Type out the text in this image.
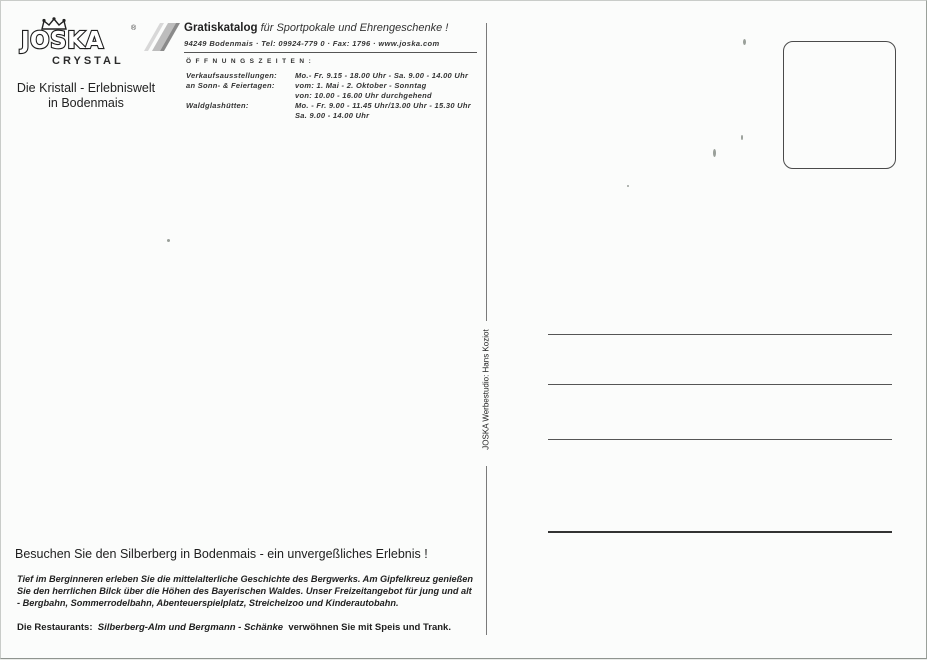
JOSKA	®
CRYSTAL
Die Kristall - Erlebniswelt
in Bodenmais
Gratiskatalog für Sportpokale und Ehrengeschenke !
94249 Bodenmais · Tel: 09924-779 0 · Fax: 1796 · www.joska.com
ÖFFNUNGSZEITEN:
Verkaufsausstellungen: Mo.- Fr. 9.15 - 18.00 Uhr - Sa. 9.00 - 14.00 Uhr
an Sonn- & Feiertagen:	vom: 1. Mai - 2. Oktober - Sonntag
von: 10.00 - 16.00 Uhr durchgehend
Waldglashütten:	Mo. - Fr. 9.00 - 11.45 Uhr/13.00 Uhr - 15.30 Uhr
Sa. 9.00 - 14.00 Uhr
JOSKA Werbestudio: Hans Koziot
Besuchen Sie den Silberberg in Bodenmais - ein unvergeßliches Erlebnis !
Tief im Berginneren erleben Sie die mittelalterliche Geschichte des Bergwerks. Am Gipfelkreuz genießen Sie den herrlichen Bilck über die Höhen des Bayerischen Waldes. Unser Freizeitangebot für jung und alt - Bergbahn, Sommerrodelbahn, Abenteuerspielplatz, Streichelzoo und Kinderautobahn.
Die Restaurants: Silberberg-Alm und Bergmann - Schänke verwöhnen Sie mit Speis und Trank.
